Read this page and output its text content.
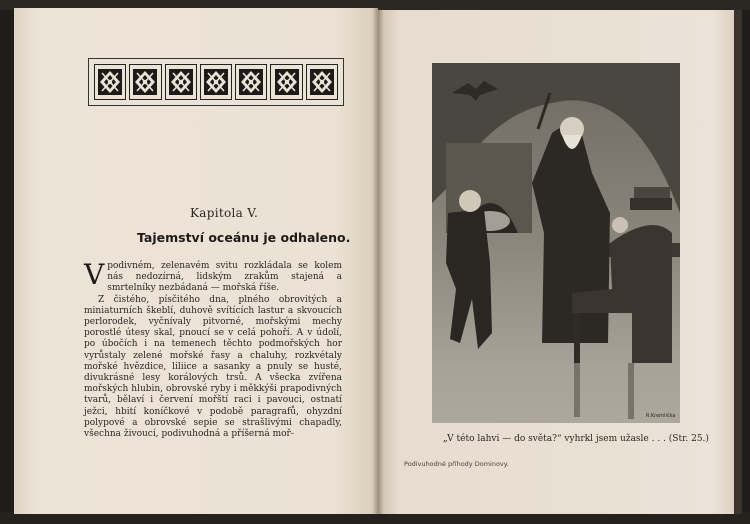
Kapitola V.
Tajemství oceánu je odhaleno.

Vpodivném, zelenavém svitu rozkládala se kolem nás nedozírná, lidským zrakům stajená a smrtelníky nezbádaná — mořská říše.

Z čistého, písčitého dna, plného obrovitých a miniaturních škeblí, duhově svítících lastur a skvoucích perlorodek, vyčnívaly pitvorné, mořskými mechy porostlé útesy skal, pnoucí se v celá pohoří. A v údolí, po úbočích i na temenech těchto podmořských hor vyrůstaly zelené mořské řasy a chaluhy, rozkvétaly mořské hvězdice, liliice a sasanky a pnuly se husté, divukrásné lesy korálových trsů. A všecka zvířena mořských hlubin, obrovské ryby i měkkýši prapodivných tvarů, bělaví i červení mořští raci i pavouci, ostnatí ježci, hbití koníčkové v podobě paragrafů, ohyzdní polypové a obrovské sepie se strašlivými chapadly, všechna živoucí, podivuhodná a příšerná moř-

R.Kremlička
„V této lahvi — do světa?“ vyhrkl jsem užasle . . . (Str. 25.)
Podivuhodné příhody Dominovy.
